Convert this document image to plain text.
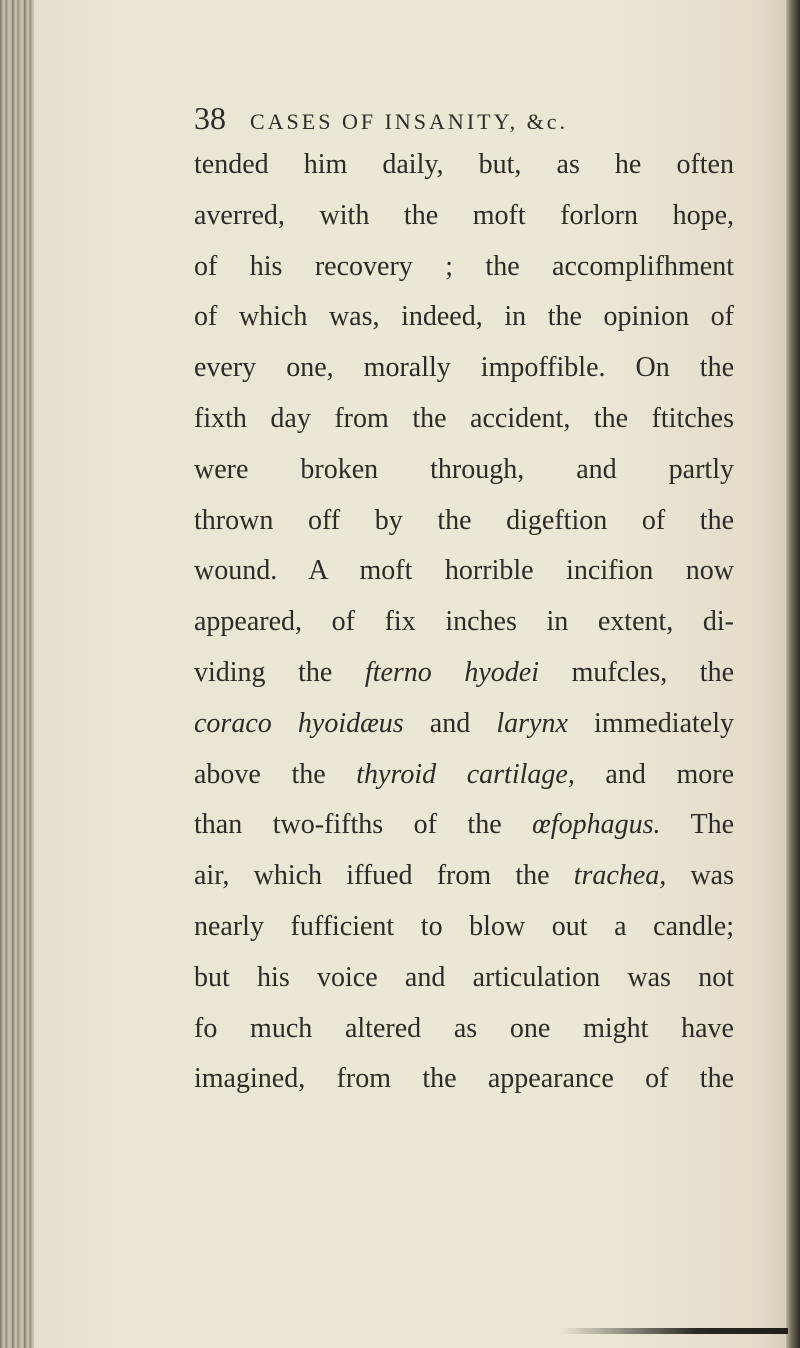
38 CASES OF INSANITY, &c.
tended him daily, but, as he often
averred, with the moft forlorn hope,
of his recovery ; the accomplifhment
of which was, indeed, in the opinion of
every one, morally impoffible. On the
fixth day from the accident, the ftitches
were broken through, and partly
thrown off by the digeftion of the
wound. A moft horrible incifion now
appeared, of fix inches in extent, di-
viding the fterno hyodei mufcles, the
coraco hyoidæus and larynx immediately
above the thyroid cartilage, and more
than two-fifths of the œfophagus. The
air, which iffued from the trachea, was
nearly fufficient to blow out a candle;
but his voice and articulation was not
fo much altered as one might have
imagined, from the appearance of the
